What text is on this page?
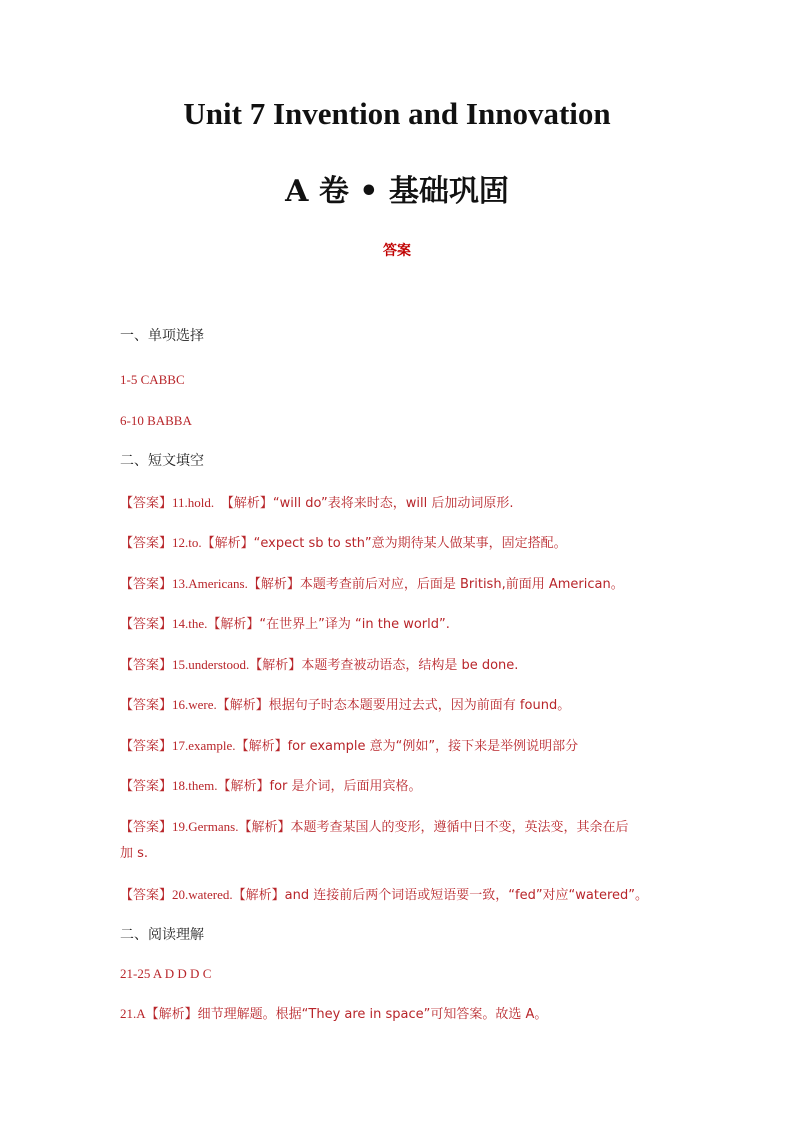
Unit 7 Invention and Innovation
A 卷 • 基础巩固

答案

一、单项选择

1-5 CABBC

6-10 BABBA

二、短文填空

【答案】11.hold. 【解析】“will do”表将来时态，will 后加动词原形.

【答案】12.to.【解析】“expect sb to sth”意为期待某人做某事，固定搭配。

【答案】13.Americans.【解析】本题考查前后对应，后面是 British,前面用 American。

【答案】14.the.【解析】“在世界上”译为 “in the world”.

【答案】15.understood.【解析】本题考查被动语态，结构是 be done.

【答案】16.were.【解析】根据句子时态本题要用过去式，因为前面有 found。

【答案】17.example.【解析】for example 意为“例如”，接下来是举例说明部分

【答案】18.them.【解析】for 是介词，后面用宾格。

【答案】19.Germans.【解析】本题考查某国人的变形，遵循中日不变，英法变，其余在后

加 s.

【答案】20.watered.【解析】and 连接前后两个词语或短语要一致，“fed”对应“watered”。

二、阅读理解

21-25 A D D D C

21.A【解析】细节理解题。根据“They are in space”可知答案。故选 A。
